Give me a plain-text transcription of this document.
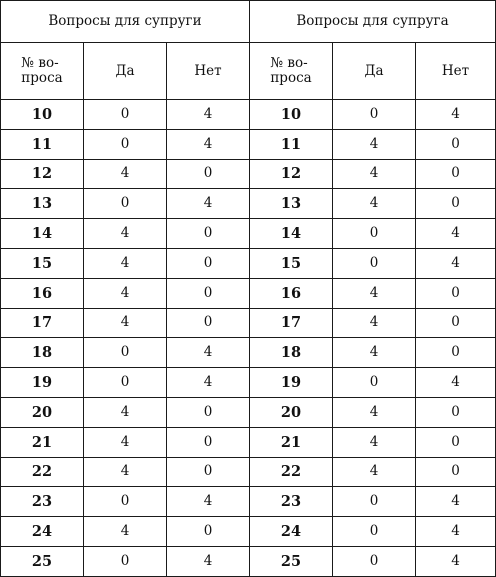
Вопросы для супруги			Вопросы для супруга		
№ во-
проса	Да	Нет	№ во-
проса	Да	Нет
10	0	4	10	0	4
11	0	4	11	4	0
12	4	0	12	4	0
13	0	4	13	4	0
14	4	0	14	0	4
15	4	0	15	0	4
16	4	0	16	4	0
17	4	0	17	4	0
18	0	4	18	4	0
19	0	4	19	0	4
20	4	0	20	4	0
21	4	0	21	4	0
22	4	0	22	4	0
23	0	4	23	0	4
24	4	0	24	0	4
25	0	4	25	0	4
